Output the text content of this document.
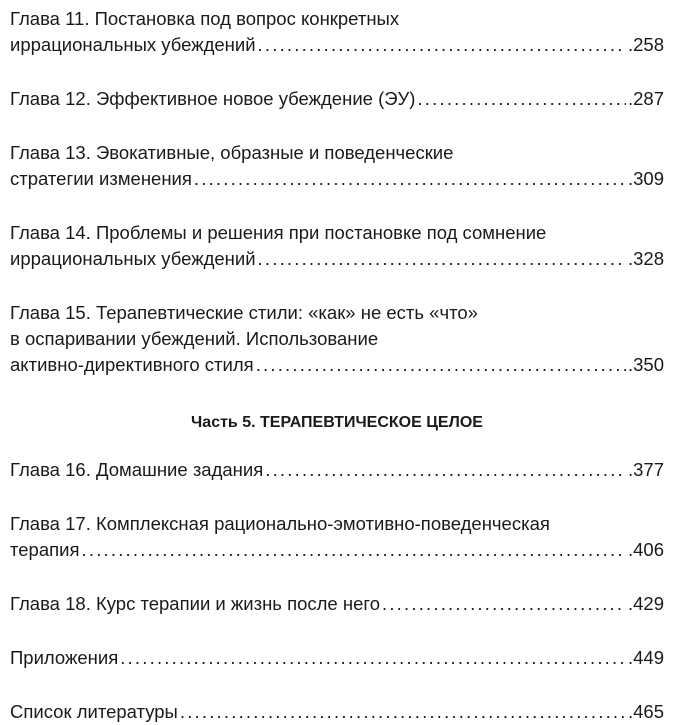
Глава 11. Постановка под вопрос конкретных
иррациональных убеждений .....	.258
Глава 12. Эффективное новое убеждение (ЭУ) .....	.287
Глава 13. Эвокативные, образные и поведенческие
стратегии изменения .....	.309
Глава 14. Проблемы и решения при постановке под сомнение
иррациональных убеждений .....	.328
Глава 15. Терапевтические стили: «как» не есть «что»
в оспаривании убеждений. Использование
активно-директивного стиля .....	.350
Часть 5. ТЕРАПЕВТИЧЕСКОЕ ЦЕЛОЕ
Глава 16. Домашние задания .....	.377
Глава 17. Комплексная рационально-эмотивно-поведенческая
терапия .....	.406
Глава 18. Курс терапии и жизнь после него .....	.429
Приложения .....	.449
Список литературы .....	.465
